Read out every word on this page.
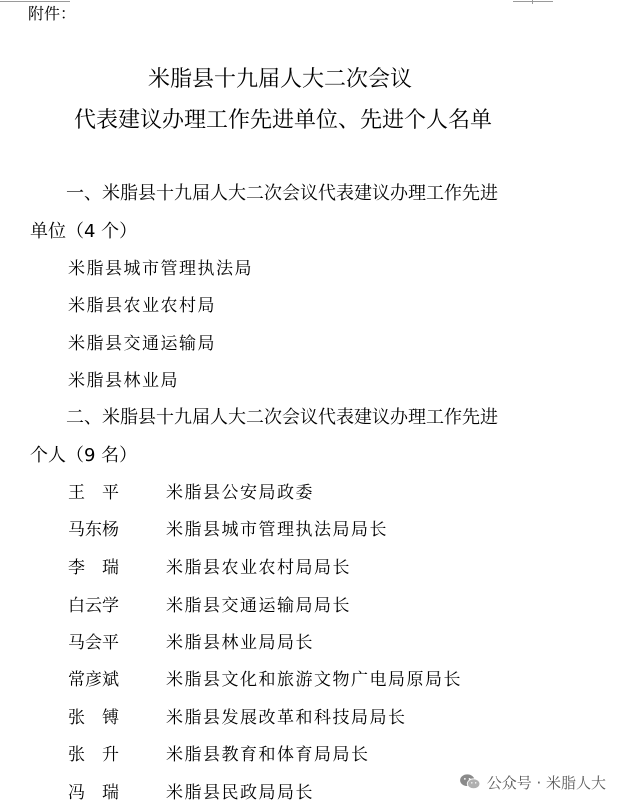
附件：
米脂县十九届人大二次会议
代表建议办理工作先进单位、先进个人名单
一、米脂县十九届人大二次会议代表建议办理工作先进
单位（4 个）
米脂县城市管理执法局
米脂县农业农村局
米脂县交通运输局
米脂县林业局
二、米脂县十九届人大二次会议代表建议办理工作先进
个人（9 名）
王　平	米脂县公安局政委
马东杨	米脂县城市管理执法局局长
李　瑞	米脂县农业农村局局长
白云学	米脂县交通运输局局长
马会平	米脂县林业局局长
常彦斌	米脂县文化和旅游文物广电局原局长
张　镈	米脂县发展改革和科技局局长
张　升	米脂县教育和体育局局长
冯　瑞	米脂县民政局局长
公众号 · 米脂人大
